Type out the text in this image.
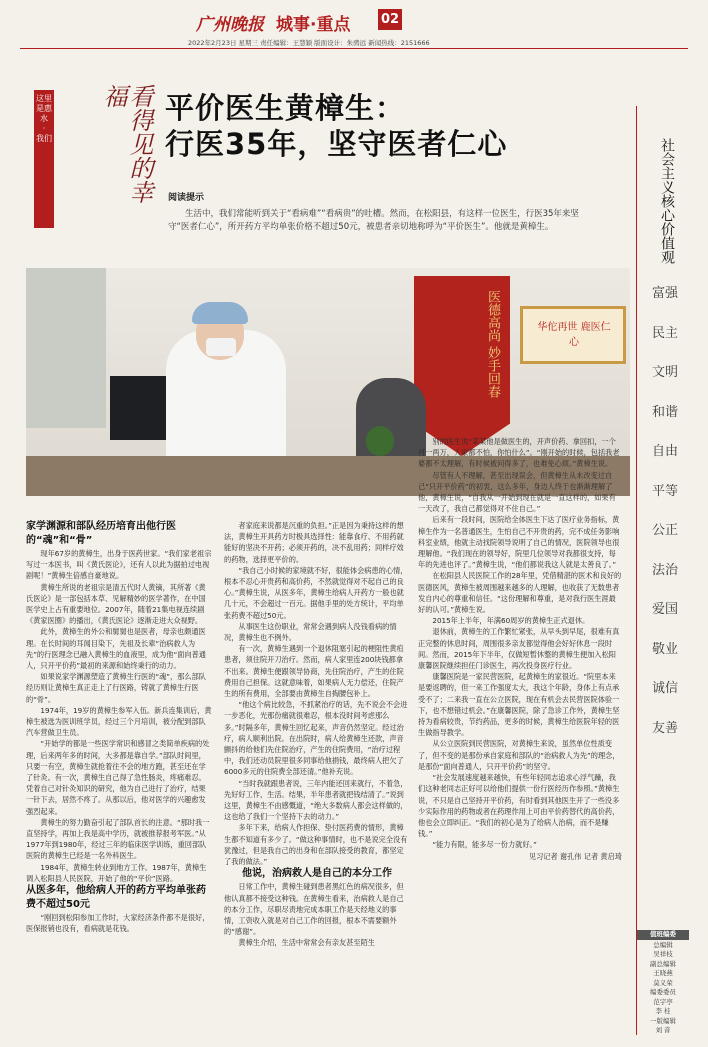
广州晚报 城事·重点 02
2022年2月23日 星期三 责任编辑：王慧颖 版面设计：朱骋远 新闻热线：2151666
这里是惠水
·
我们	看得见的幸福	平价医生黄樟生：
行医35年，坚守医者仁心
阅读提示
生活中，我们常能听到关于“看病难”“看病贵”的吐槽。然而，在松阳县，有这样一位医生，行医35年来坚守“医者仁心”，所开药方平均单张价格不超过50元，被患者亲切地称呼为“平价医生”。他就是黄樟生。
医德高尚 妙手回春	华佗再世 鹿医仁心
社会主义核心价值观
富强
民主
文明
和谐
自由
平等
公正
法治
爱国
敬业
诚信
友善
值班编委
总编辑
吴祥枝
副总编辑
王晓燕
莫义荣
编委委员
范宇亭
李 桂
一版编辑
刘 音

家学渊源和部队经历培育出他行医的“魂”和“骨”

现年67岁的黄樟生，出身于医药世家。“我们家老祖宗写过一本医书，叫《黄氏医论》，还有人以此为据拍过电视剧呢！”黄樟生倍感自豪地说。

黄樟生所说的老祖宗是清五代时人黄镝，其所著《黄氏医论》是一部包括本草、见解精妙的医学著作，在中国医学史上占有重要地位。2007年，随着21集电视连续剧《黄家医圈》的播出，《黄氏医论》逐渐走进大众视野。

此外，黄樟生的外公和舅舅也是医者，母亲也颇通医理。在长时间的耳闻目染下，先祖及长辈“治病救人为先”的行医理念已融入黄樟生的血液里，成为他“面向普通人，只开平价药”最初的来源和始终秉行的动力。

如果说家学渊源塑造了黄樟生行医的“魂”，那么部队经历则让黄樟生真正走上了行医路，铸就了黄樟生行医的“骨”。

1974年，19岁的黄樟生参军入伍。新兵连集训后，黄樟生被选为医训班学员，经过三个月培训，被分配到部队汽车营做卫生员。

“开始学的都是一些医学常识和感冒之类简单疾病的处理，后来两年多的时间，大多都是靠自学。”部队时间里，只要一有空，黄樟生就抢着往不会的地方跑，甚至还在学了针灸。有一次，黄樟生自己得了急性肠炎，疼痛难忍。凭着自己对针灸知识的研究，他为自己进行了治疗，结果一针下去，居然不疼了。从那以后，他对医学的兴趣愈发强烈起来。

黄樟生的努力勤奋引起了部队首长的注意。“那时我一直坚持学，再加上我是高中学历，就被推荐报考军医。”从1977年到1980年，经过三年的临床医学训练，重回部队医院的黄樟生已经是一名外科医生。

1984年，黄樟生转业到地方工作。1987年，黄樟生调入松阳县人民医院，开始了他的“平价”医路。

从医多年，他给病人开的药方平均单张药费不超过50元

“刚回到松阳参加工作时，大家经济条件都不是很好，医保报销也没有，看病就是花钱。

者家庭来说都是沉重的负担。”正是因为秉持这样的想法，黄樟生开具药方时极具选择性：能靠食疗、不用药就能好的坚决不开药；必须开药的，决不乱用药；同样疗效的药物，选择更平价的。

“我自己小时候的家境就不好，很能体会病患的心情，根本不忍心开贵药和高价药，不然就觉得对不起自己的良心。”黄樟生说，从医多年，黄樟生给病人开药方一般也就几十元，不会超过一百元。据他手里的处方统计，平均单张药费不超过50元。

从事医生这份职业，常常会遇到病人没钱看病的情况，黄樟生也不例外。

有一次，黄樟生遇到一个退休阻塞引起的梗阻性黄疸患者，须住院开刀治疗。然而，病人家里连200块钱都拿不出来。黄樟生便跟领导协商，先住院治疗，产生的住院费用自己担保。这就意味着，如果病人无力偿还，住院产生的所有费用，全部要由黄樟生自掏腰包补上。

“他这个病比较急，不抓紧治疗的话，先不说会不会进一步恶化，光那份痛就很难忍，根本没时间考虑那么多。”时隔多年，黄樟生回忆起来，声音仍然坚定。经过治疗，病人顺利出院。在出院时，病人给黄樟生还款，声音颤抖的给他们先住院治疗，产生的住院费用，“治疗过程中，我们还动员院里很多同事给他捐钱，最终病人把欠了6000多元的住院费全部还清。”他补充说。

“当时我就跟患者说，三年内能还回来就行，不着急，先好好工作，生活。结果，半年患者就把钱结清了。”说到这里，黄樟生不由感慨道，“绝大多数病人都会这样做的，这也给了我们一个坚持下去的动力。”

多年下来，给病人作担保、垫付医药费的情形，黄樟生都不知道有多少了。“做这种事情时，也不是说完全没有犹豫过，但是我自己的出身和在部队接受的教育，都坚定了我的做法。”

他说，治病救人是自己的本分工作

日常工作中，黄樟生碰到患者黑红色的病况很多，但他认真都不接受这种钱。在黄樟生看来，治病救人是自己的本分工作，尽职尽责地完成本职工作是天经地义的事情，工资收入就是对自己工作的回报，根本不需要额外的“感谢”。

黄樟生介绍，生活中常常会有亲友甚至陌生

别的医生说“某某他是做医生的，开声价药、拿回扣，一个月一两万，人家都不怕，你怕什么”。“刚开始的时候，包括我老婆都不太理解，有时候被问得多了，也难免心烦。”黄樟生说。

尽管有人不理解，甚至出现误会，但黄樟生从未改变过自己“只开平价药”的初衷，这么多年，身边人终于也渐渐理解了他，黄樟生说，“自我从一开始到现在就是一直这样的，如果有一天改了，我自己都觉得对不住自己。”

后来有一段时间，医院给全体医生下达了医疗业务指标，黄樟生作为一名普通医生，生怕自己不开贵的药，完不成任务影响科室业绩，他就主动找院领导说明了自己的情况，医院领导也很理解他。“我们现在的领导好，院里几位领导对我都很支持，每年的先进也评了。”黄樟生说，“他们都说我这人就是太善良了。”

在松阳县人民医院工作的28年里，凭借精湛的医术和良好的医德医风，黄樟生被周围越来越多的人理解，也收获了无数患者发自内心的尊重和信任。“这份理解和尊重，是对我行医生涯最好的认可。”黄樟生说。

2015年上半年，年满60周岁的黄樟生正式退休。

退休前，黄樟生的工作繁忙紧张，从早头到早尾，很难有真正完整的休息时间，周围很多亲友都觉得他会好好休息一段时间。然而，2015年下半年，仅做短暂休整的黄樟生便加入松阳康馨医院继续担任门诊医生，再次投身医疗行业。

康馨医院是一家民营医院，起黄樟生的家很近。“院里本来是要返聘的，但一来工作强度太大，我这个年龄，身体上有点承受不了；二来我一直在公立医院，现在有机会去民营医院体验一下，也不想错过机会。”在康馨医院，除了急诊工作外，黄樟生坚持为看病较贵，节约药品，更多的时候，黄樟生给医院年轻的医生做指导教学。

从公立医院到民营医院，对黄樟生来说，虽然单位性质变了，但不变的是那份承自家庭和部队的“治病救人为先”的理念，是那份“面向普通人，只开平价药”的坚守。

“社会发展速度越来越快，有些年轻同志追求心浮气躁，我们这种老同志正好可以给他们提供一份行医经历作参照。”黄樟生说，不只是自己坚持开平价药，有时看到其他医生开了一些没多少实际作用的药物或者在药理作用上可由平价药替代的高价药，他也会立即纠正。“我们的初心是为了给病人治病，而不是赚钱。”

“能力有限，能多尽一份力就好。”

见习记者 谢孔伟 记者 黄启琦
